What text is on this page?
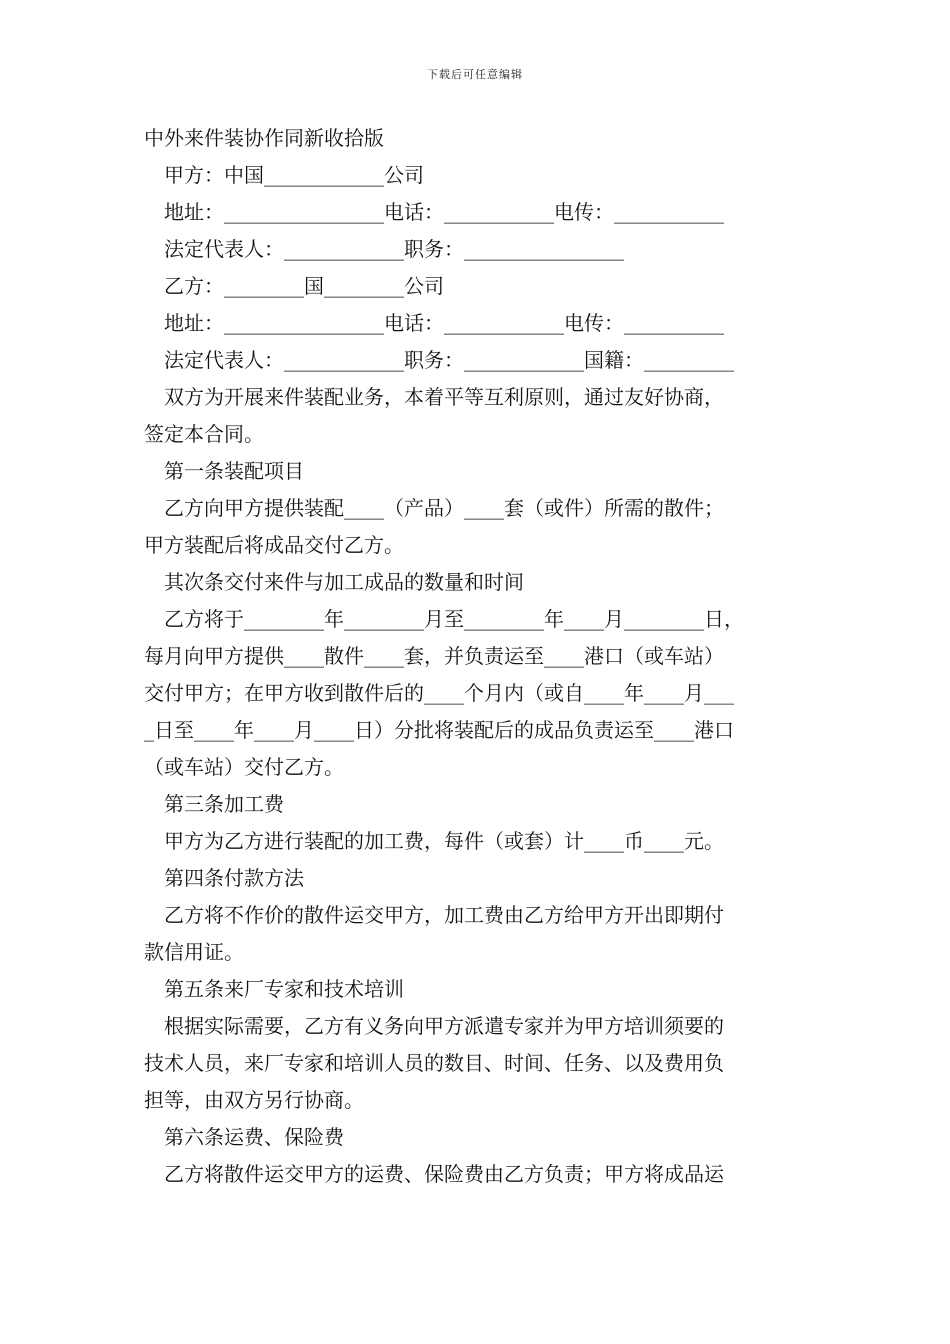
下载后可任意编辑
中外来件装协作同新收拾版
甲方：中国____________公司
地址：________________电话：___________电传：___________
法定代表人：____________职务：________________
乙方：________国________公司
地址：________________电话：____________电传：__________
法定代表人：____________职务：____________国籍：_________
双方为开展来件装配业务，本着平等互利原则，通过友好协商，
签定本合同。
第一条装配项目
乙方向甲方提供装配____（产品）____套（或件）所需的散件；
甲方装配后将成品交付乙方。
其次条交付来件与加工成品的数量和时间
乙方将于________年________月至________年____月________日，
每月向甲方提供____散件____套，并负责运至____港口（或车站）
交付甲方；在甲方收到散件后的____个月内（或自____年____月___
_日至____年____月____日）分批将装配后的成品负责运至____港口
（或车站）交付乙方。
第三条加工费
甲方为乙方进行装配的加工费，每件（或套）计____币____元。
第四条付款方法
乙方将不作价的散件运交甲方，加工费由乙方给甲方开出即期付
款信用证。
第五条来厂专家和技术培训
根据实际需要，乙方有义务向甲方派遣专家并为甲方培训须要的
技术人员，来厂专家和培训人员的数目、时间、任务、以及费用负
担等，由双方另行协商。
第六条运费、保险费
乙方将散件运交甲方的运费、保险费由乙方负责；甲方将成品运
